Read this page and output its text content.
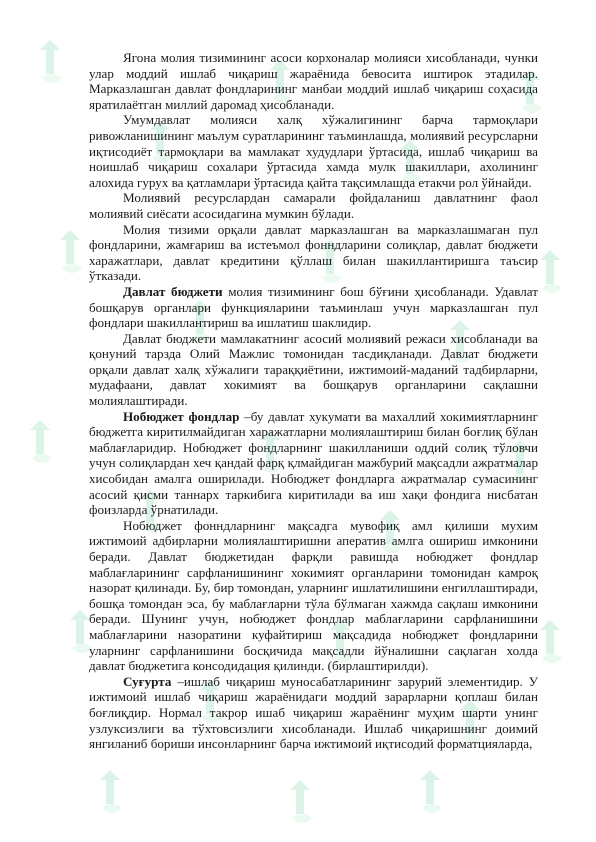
Ягона молия тизимининг асоси корхоналар молияси хисобланади, чунки улар моддий ишлаб чиқариш жараёнида бевосита иштирок этадилар. Марказлашган давлат фондларининг манбаи моддий ишлаб чиқариш соҳасида яратилаётган миллий даромад ҳисобланади.

Умумдавлат молияси халқ хўжалигининг барча тармоқлари ривожланишининг маълум суратларининг таъминлашда, молиявий ресурсларни иқтисодиёт тармоқлари ва мамлакат худудлари ўртасида, ишлаб чиқариш ва ноишлаб чиқариш сохалари ўртасида хамда мулк шакиллари, ахолининг алохида гурух ва қатламлари ўртасида қайта тақсимлашда етакчи рол ўйнайди.

Молиявий ресурслардан самарали фойдаланиш давлатнинг фаол молиявий сиёсати асосидагина мумкин бўлади.

Молия тизими орқали давлат марказлашган ва марказлашмаган пул фондларини, жамғариш ва истеъмол фонндларини солиқлар, давлат бюджети харажатлари, давлат кредитини қўллаш билан шакиллантиришга таъсир ўтказади.

Давлат бюджети молия тизимининг бош бўғини ҳисобланади. Удавлат бошқарув органлари функцияларини таъминлаш учун марказлашган пул фондлари шакиллантириш ва ишлатиш шаклидир.

Давлат бюджети мамлакатнинг асосий молиявий режаси хисобланади ва қонуний тарзда Олий Мажлис томонидан тасдиқланади. Давлат бюджети орқали давлат халқ хўжалиги тараққиётини, ижтимоий-маданий тадбирларни, мудафаани, давлат хокимият ва бошқарув органларини сақлашни молиялаштиради.

Нобюджет фондлар –бу давлат хукумати ва махаллий хокимиятларнинг бюджетга киритилмайдиган харажатларни молиялаштириш билан боғлиқ бўлан маблағларидир. Нобюджет фондларнинг шакилланиши оддий солиқ тўловчи учун солиқлардан хеч қандай фарқ қлмайдиган мажбурий мақсадли ажратмалар хисобидан амалга оширилади. Нобюджет фондларга ажратмалар сумасининг асосий қисми таннарх таркибига киритилади ва иш хақи фондига нисбатан фоизларда ўрнатилади.

Нобюджет фонндларнинг мақсадга мувофиқ амл қилиши мухим ижтимоий адбирларни молиялаштиришни аператив амлга ошириш имконини беради. Давлат бюджетидан фарқли равишда нобюджет фондлар маблағларининг сарфланишининг хокимият органларини томонидан камроқ назорат қилинади. Бу, бир томондан, уларнинг ишлатилишини енгиллаштиради, бошқа томондан эса, бу маблағларни тўла бўлмаган хажмда сақлаш имконини беради. Шунинг учун, нобюджет фондлар маблағларини сарфланишини маблағларини назоратини куфайтириш мақсадида нобюджет фондларини уларнинг сарфланишини босқичида мақсадли йўналишни сақлаган холда давлат бюджетига консодидация қилинди. (бирлаштирилди).

Суғурта –ишлаб чиқариш муносабатларининг зарурий элементидир. У ижтимоий ишлаб чиқариш жараёнидаги моддий зарарларни қоплаш билан боғлиқдир. Нормал такрор ишаб чиқариш жараёнинг муҳим шарти унинг узлуксизлиги ва тўхтовсизлиги хисобланади. Ишлаб чиқаришнинг доимий янгиланиб бориши инсонларнинг барча ижтимоий иқтисодий форматциялардa,
